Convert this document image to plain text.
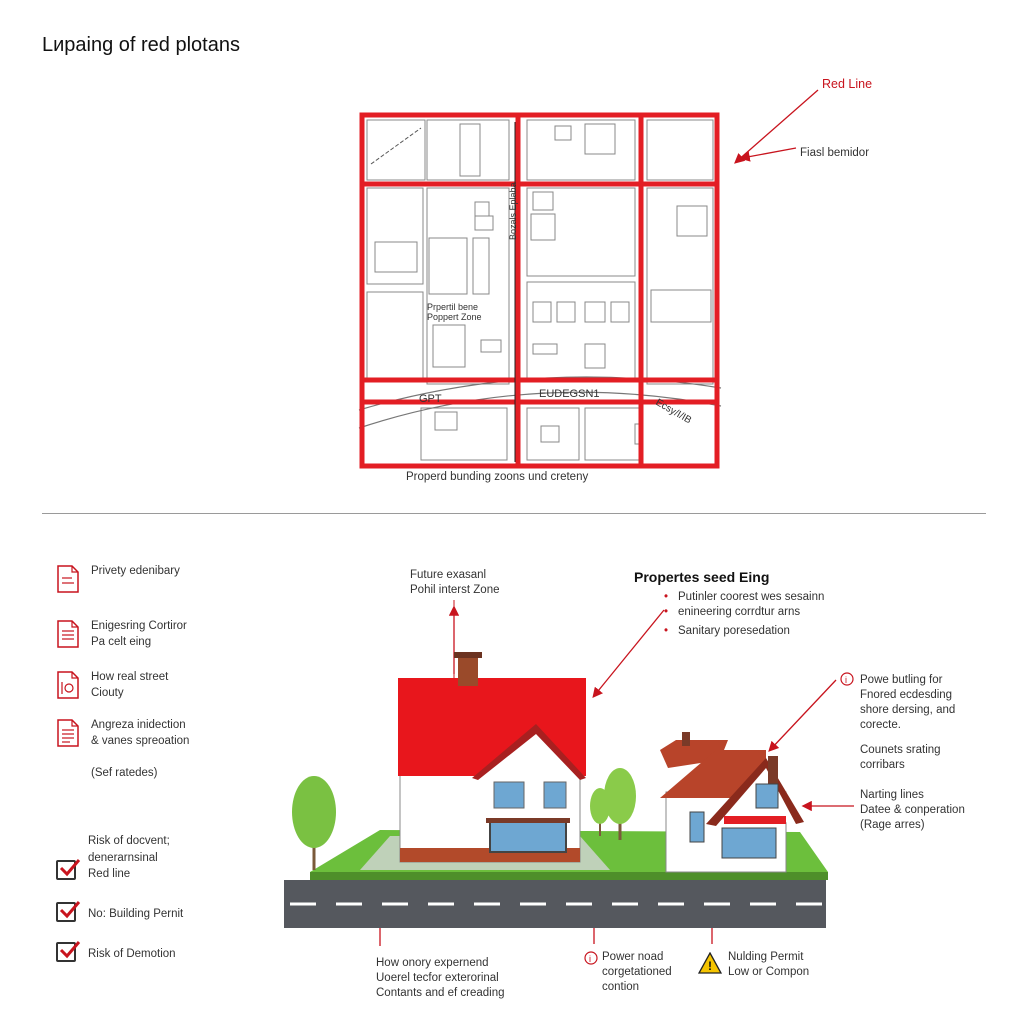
Lираing of red plotans
Prpertil bene
Poppert Zone
Bozals Eplaba
GPT	EUDEGSN1
Ecsy/I/IB
Red Line
Fiasl bemidor
Properd bunding zoons und creteny
Privety edenibary
Enigesring Cortiror
Pa celt eing
How real street
Ciouty
Angreza inidection
& vanes spreoation
(Sef ratedes)
Risk of docvent;
denerarnsinal
Red line
No: Building Pernit
Risk of Demotion
Future exasanl
Pohil interst Zone
Propertes seed Eing
• Putinler coorest wes sesainn
• enineering corrdtur arns
• Sanitary poresedation
i Powe butling for
Fnored ecdesding
shore dersing, and
corecte.
Counets srating
corribars
Narting lines
Datee & conperation
(Rage arres)
How onory expernend
Uoerel tecfor exterorinal
Contants and ef creading
i Power noad
corgetationed
contion
!
Nulding Permit
Low or Compon
